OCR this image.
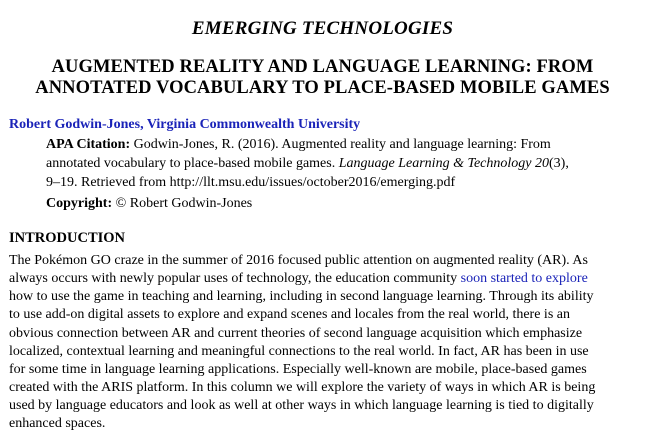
EMERGING TECHNOLOGIES
AUGMENTED REALITY AND LANGUAGE LEARNING: FROM
ANNOTATED VOCABULARY TO PLACE-BASED MOBILE GAMES
Robert Godwin-Jones, Virginia Commonwealth University
APA Citation: Godwin-Jones, R. (2016). Augmented reality and language learning: From
annotated vocabulary to place-based mobile games. Language Learning & Technology 20(3),
9–19. Retrieved from http://llt.msu.edu/issues/october2016/emerging.pdf
Copyright: © Robert Godwin-Jones
INTRODUCTION
The Pokémon GO craze in the summer of 2016 focused public attention on augmented reality (AR). As
always occurs with newly popular uses of technology, the education community soon started to explore
how to use the game in teaching and learning, including in second language learning. Through its ability
to use add-on digital assets to explore and expand scenes and locales from the real world, there is an
obvious connection between AR and current theories of second language acquisition which emphasize
localized, contextual learning and meaningful connections to the real world. In fact, AR has been in use
for some time in language learning applications. Especially well-known are mobile, place-based games
created with the ARIS platform. In this column we will explore the variety of ways in which AR is being
used by language educators and look as well at other ways in which language learning is tied to digitally
enhanced spaces.
